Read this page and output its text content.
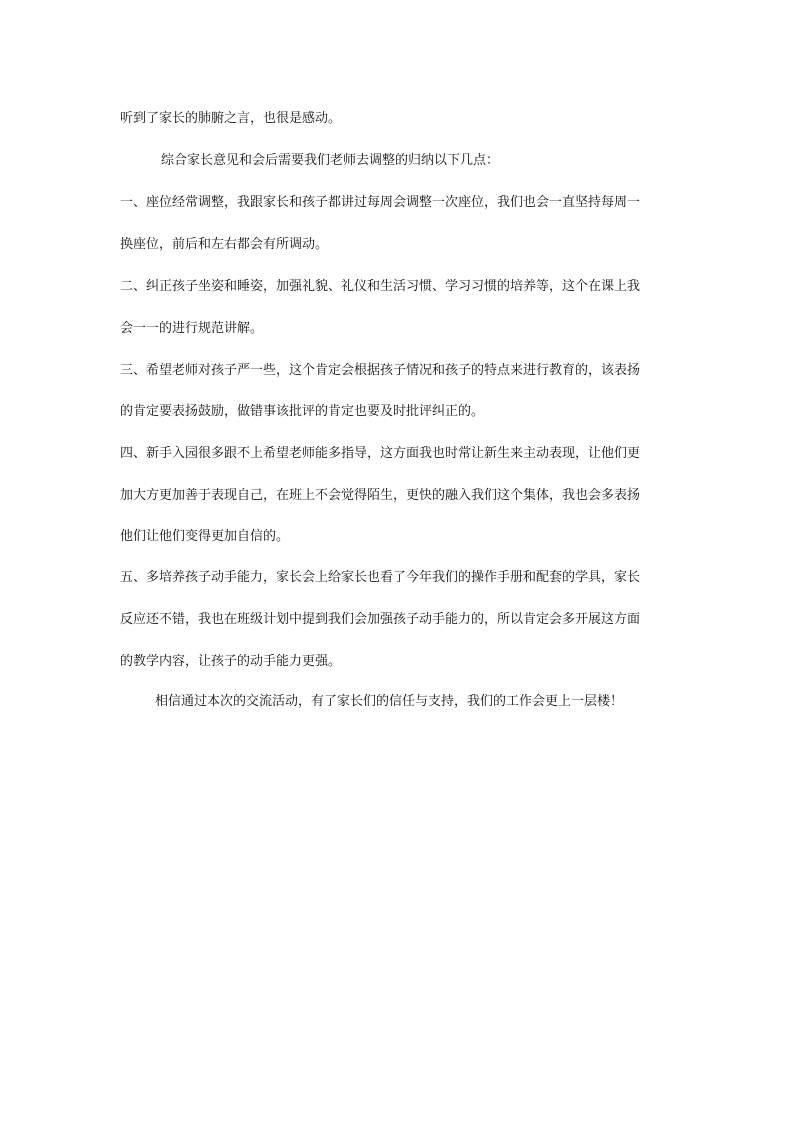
听到了家长的肺腑之言，也很是感动。
综合家长意见和会后需要我们老师去调整的归纳以下几点：
一、座位经常调整，我跟家长和孩子都讲过每周会调整一次座位，我们也会一直坚持每周一
换座位，前后和左右都会有所调动。
二、纠正孩子坐姿和睡姿，加强礼貌、礼仪和生活习惯、学习习惯的培养等，这个在课上我
会一一的进行规范讲解。
三、希望老师对孩子严一些，这个肯定会根据孩子情况和孩子的特点来进行教育的，该表扬
的肯定要表扬鼓励，做错事该批评的肯定也要及时批评纠正的。
四、新手入园很多跟不上希望老师能多指导，这方面我也时常让新生来主动表现，让他们更
加大方更加善于表现自己，在班上不会觉得陌生，更快的融入我们这个集体，我也会多表扬
他们让他们变得更加自信的。
五、多培养孩子动手能力，家长会上给家长也看了今年我们的操作手册和配套的学具，家长
反应还不错，我也在班级计划中提到我们会加强孩子动手能力的，所以肯定会多开展这方面
的教学内容，让孩子的动手能力更强。
相信通过本次的交流活动，有了家长们的信任与支持，我们的工作会更上一层楼！
